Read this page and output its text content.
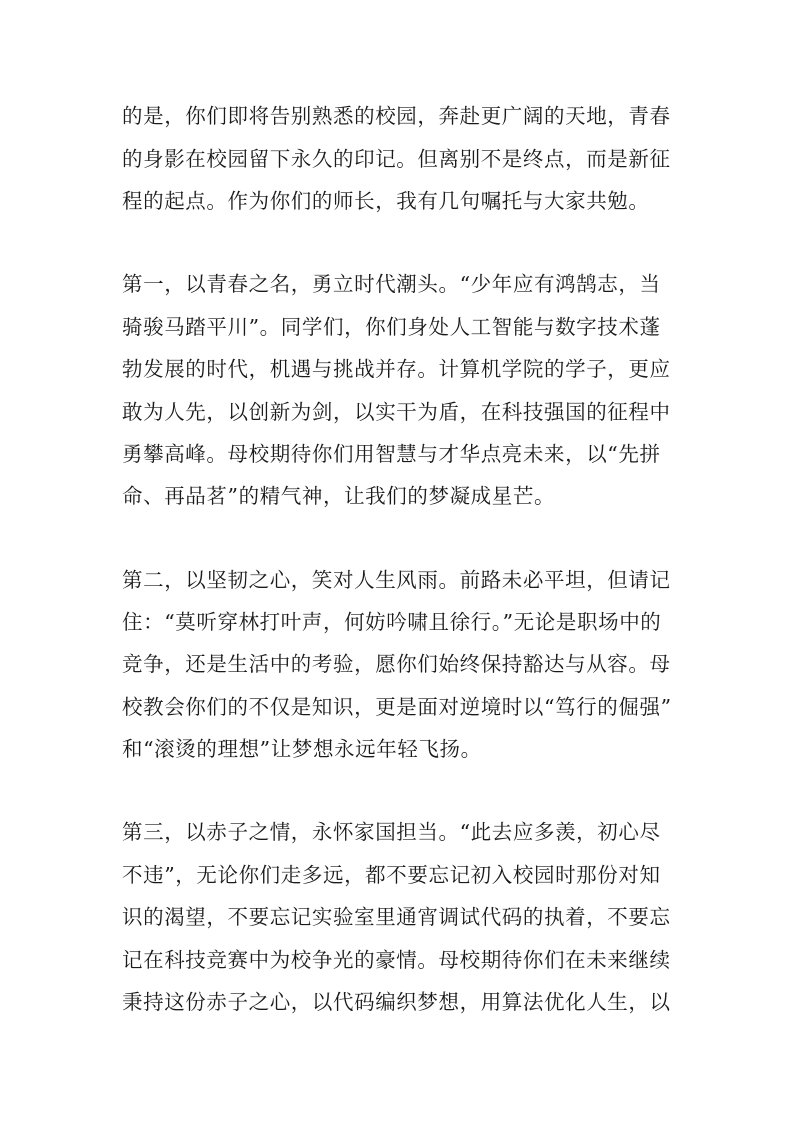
的是，你们即将告别熟悉的校园，奔赴更广阔的天地，青春
的身影在校园留下永久的印记。但离别不是终点，而是新征
程的起点。作为你们的师长，我有几句嘱托与大家共勉。
第一，以青春之名，勇立时代潮头。“少年应有鸿鹄志，当
骑骏马踏平川”。同学们，你们身处人工智能与数字技术蓬
勃发展的时代，机遇与挑战并存。计算机学院的学子，更应
敢为人先，以创新为剑，以实干为盾，在科技强国的征程中
勇攀高峰。母校期待你们用智慧与才华点亮未来，以“先拼
命、再品茗”的精气神，让我们的梦凝成星芒。
第二，以坚韧之心，笑对人生风雨。前路未必平坦，但请记
住：“莫听穿林打叶声，何妨吟啸且徐行。”无论是职场中的
竞争，还是生活中的考验，愿你们始终保持豁达与从容。母
校教会你们的不仅是知识，更是面对逆境时以“笃行的倔强”
和“滚烫的理想”让梦想永远年轻飞扬。
第三，以赤子之情，永怀家国担当。“此去应多羡，初心尽
不违”，无论你们走多远，都不要忘记初入校园时那份对知
识的渴望，不要忘记实验室里通宵调试代码的执着，不要忘
记在科技竞赛中为校争光的豪情。母校期待你们在未来继续
秉持这份赤子之心，以代码编织梦想，用算法优化人生，以
